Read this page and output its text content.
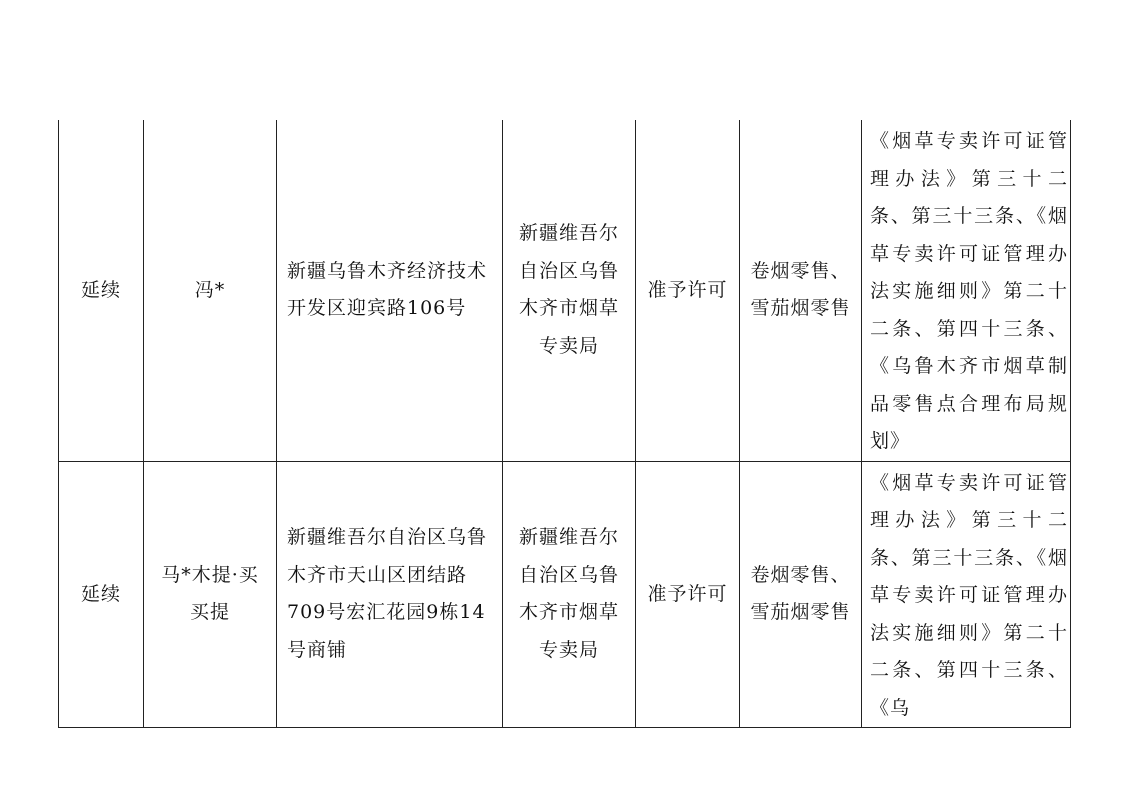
延续	冯*	新疆乌鲁木齐经济技术开发区迎宾路106号	新疆维吾尔自治区乌鲁木齐市烟草专卖局	准予许可	卷烟零售、雪茄烟零售	《烟草专卖许可证管理办法》第三十二条、第三十三条、《烟草专卖许可证管理办法实施细则》第二十二条、第四十三条、《乌鲁木齐市烟草制品零售点合理布局规划》

延续	马*木提·买买提	新疆维吾尔自治区乌鲁木齐市天山区团结路709号宏汇花园9栋14号商铺	新疆维吾尔自治区乌鲁木齐市烟草专卖局	准予许可	卷烟零售、雪茄烟零售	《烟草专卖许可证管理办法》第三十二条、第三十三条、《烟草专卖许可证管理办法实施细则》第二十二条、第四十三条、《乌
